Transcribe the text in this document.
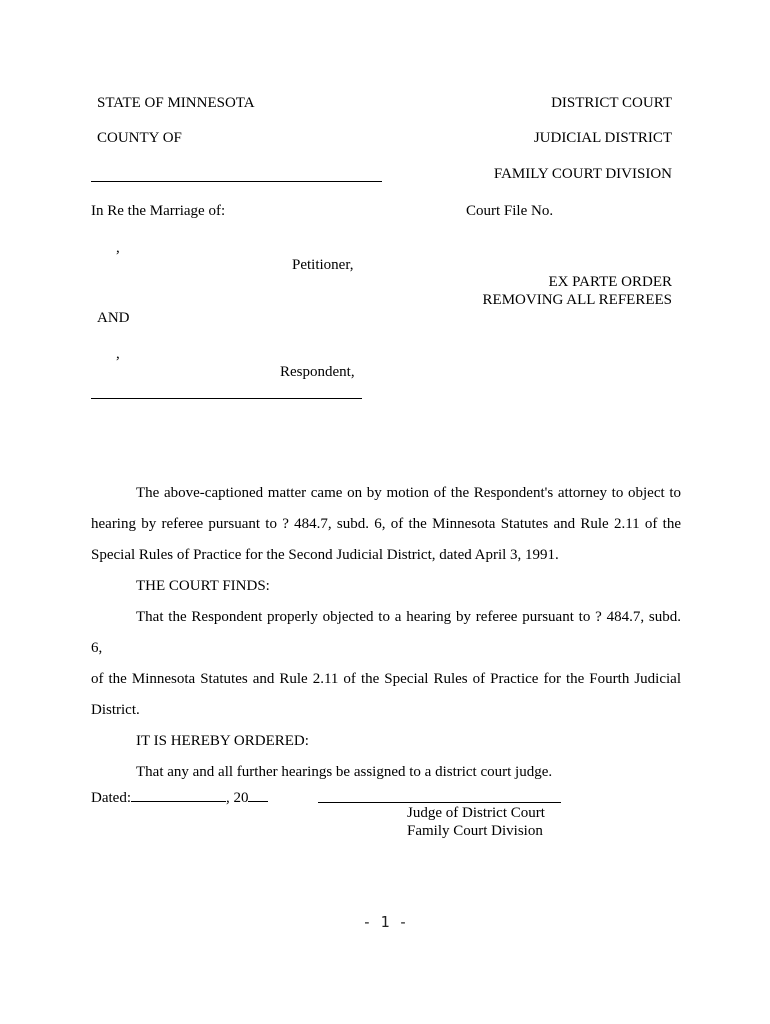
STATE OF MINNESOTA	DISTRICT COURT
COUNTY OF	JUDICIAL DISTRICT
FAMILY COURT DIVISION
In Re the Marriage of:	Court File No.
,
Petitioner,
EX PARTE ORDER
REMOVING ALL REFEREES
AND
,
Respondent,

The above-captioned matter came on by motion of the Respondent's attorney to object to

hearing by referee pursuant to ? 484.7, subd. 6, of the Minnesota Statutes and Rule 2.11 of the

Special Rules of Practice for the Second Judicial District, dated April 3, 1991.

THE COURT FINDS:

That the Respondent properly objected to a hearing by referee pursuant to ? 484.7, subd. 6,

of the Minnesota Statutes and Rule 2.11 of the Special Rules of Practice for the Fourth Judicial

District.

IT IS HEREBY ORDERED:

That any and all further hearings be assigned to a district court judge.

Dated:	, 20
Judge of District Court
Family Court Division
- 1 -
